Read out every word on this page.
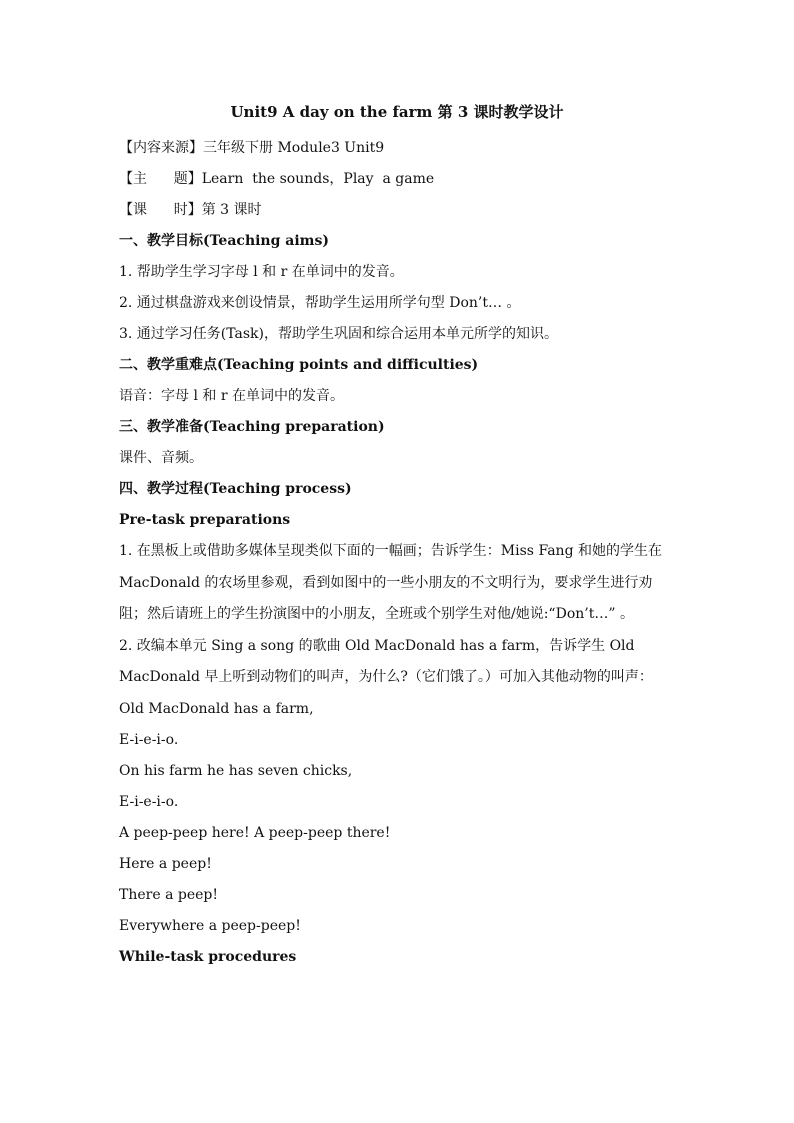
Unit9 A day on the farm 第 3 课时教学设计
【内容来源】三年级下册 Module3 Unit9
【主      题】Learn  the sounds，Play  a game
【课      时】第 3 课时
一、教学目标(Teaching aims)
1. 帮助学生学习字母 l 和 r 在单词中的发音。
2. 通过棋盘游戏来创设情景，帮助学生运用所学句型 Don’t… 。
3. 通过学习任务(Task)，帮助学生巩固和综合运用本单元所学的知识。
二、教学重难点(Teaching points and difficulties)
语音：字母 l 和 r 在单词中的发音。
三、教学准备(Teaching preparation)
课件、音频。
四、教学过程(Teaching process)
Pre-task preparations

1. 在黑板上或借助多媒体呈现类似下面的一幅画；告诉学生：Miss Fang 和她的学生在 MacDonald 的农场里参观，看到如图中的一些小朋友的不文明行为，要求学生进行劝阻；然后请班上的学生扮演图中的小朋友，全班或个别学生对他/她说:“Don’t…” 。

2. 改编本单元 Sing a song 的歌曲 Old MacDonald has a farm，告诉学生 Old MacDonald 早上听到动物们的叫声，为什么?（它们饿了。）可加入其他动物的叫声：

Old MacDonald has a farm,
E-i-e-i-o.
On his farm he has seven chicks,
E-i-e-i-o.
A peep-peep here! A peep-peep there!
Here a peep!
There a peep!
Everywhere a peep-peep!
While-task procedures
